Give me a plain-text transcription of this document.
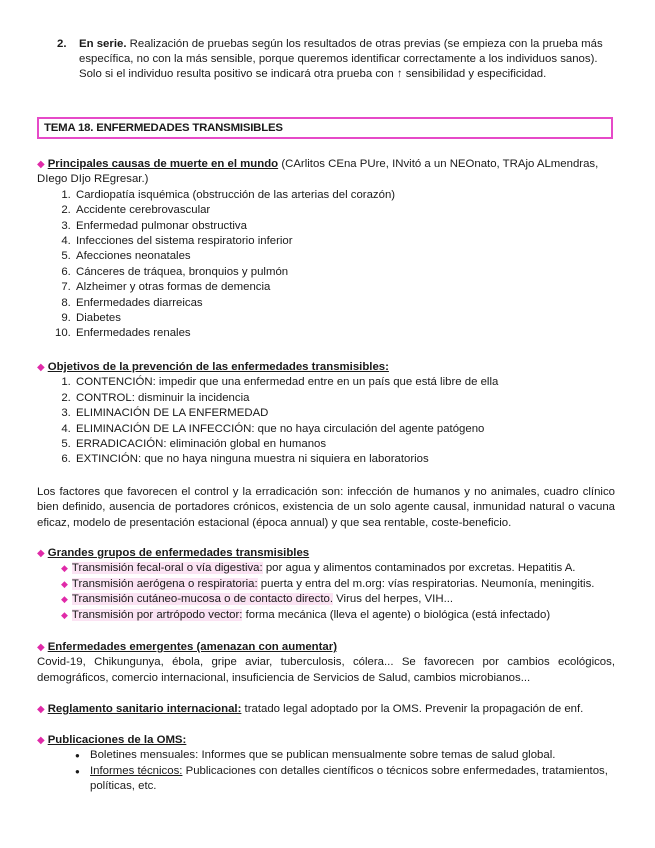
2. En serie. Realización de pruebas según los resultados de otras previas (se empieza con la prueba más específica, no con la más sensible, porque queremos identificar correctamente a los individuos sanos). Solo si el individuo resulta positivo se indicará otra prueba con ↑ sensibilidad y especificidad.
TEMA 18. ENFERMEDADES TRANSMISIBLES
◆ Principales causas de muerte en el mundo (CArlitos CEna PUre, INvitó a un NEOnato, TRAjo ALmendras, DIego DIjo REgresar.)
1. Cardiopatía isquémica (obstrucción de las arterias del corazón)
2. Accidente cerebrovascular
3. Enfermedad pulmonar obstructiva
4. Infecciones del sistema respiratorio inferior
5. Afecciones neonatales
6. Cánceres de tráquea, bronquios y pulmón
7. Alzheimer y otras formas de demencia
8. Enfermedades diarreicas
9. Diabetes
10. Enfermedades renales
◆ Objetivos de la prevención de las enfermedades transmisibles:
1. CONTENCIÓN: impedir que una enfermedad entre en un país que está libre de ella
2. CONTROL: disminuir la incidencia
3. ELIMINACIÓN DE LA ENFERMEDAD
4. ELIMINACIÓN DE LA INFECCIÓN: que no haya circulación del agente patógeno
5. ERRADICACIÓN: eliminación global en humanos
6. EXTINCIÓN: que no haya ninguna muestra ni siquiera en laboratorios
Los factores que favorecen el control y la erradicación son: infección de humanos y no animales, cuadro clínico bien definido, ausencia de portadores crónicos, existencia de un solo agente causal, inmunidad natural o vacuna eficaz, modelo de presentación estacional (época annual) y que sea rentable, coste-beneficio.
◆ Grandes grupos de enfermedades transmisibles
◆ Transmisión fecal-oral o vía digestiva: por agua y alimentos contaminados por excretas. Hepatitis A.
◆ Transmisión aerógena o respiratoria: puerta y entra del m.org: vías respiratorias. Neumonía, meningitis.
◆ Transmisión cutáneo-mucosa o de contacto directo. Virus del herpes, VIH...
◆ Transmisión por artrópodo vector: forma mecánica (lleva el agente) o biológica (está infectado)
◆ Enfermedades emergentes (amenazan con aumentar)
Covid-19, Chikungunya, ébola, gripe aviar, tuberculosis, cólera... Se favorecen por cambios ecológicos, demográficos, comercio internacional, insuficiencia de Servicios de Salud, cambios microbianos...
◆ Reglamento sanitario internacional: tratado legal adoptado por la OMS. Prevenir la propagación de enf.
◆ Publicaciones de la OMS:
● Boletines mensuales: Informes que se publican mensualmente sobre temas de salud global.
● Informes técnicos: Publicaciones con detalles científicos o técnicos sobre enfermedades, tratamientos, políticas, etc.
